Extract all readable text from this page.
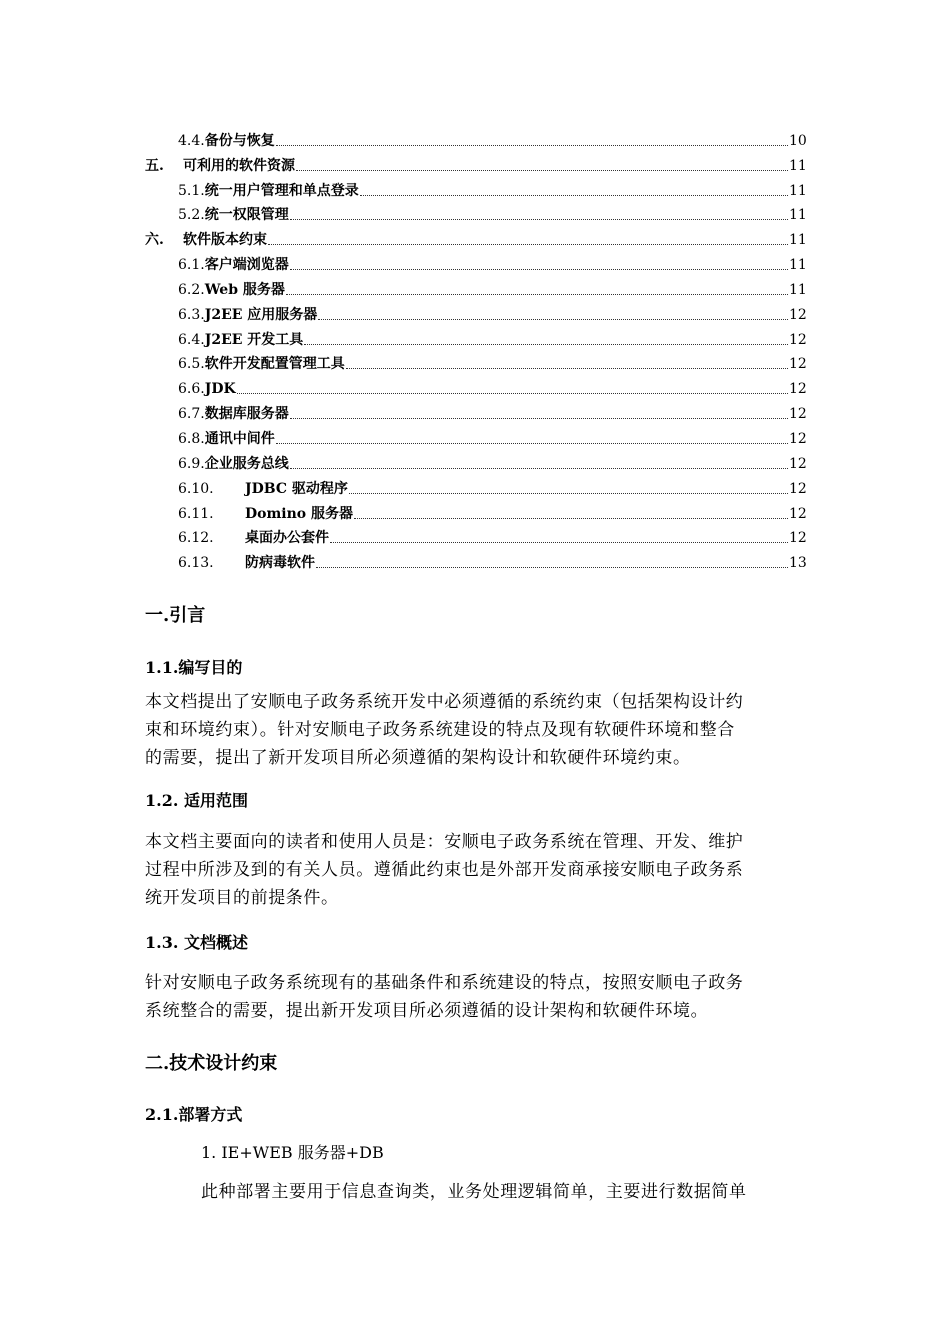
4.4. 备份与恢复	10
五.	可利用的软件资源	11
5.1. 统一用户管理和单点登录	11
5.2. 统一权限管理	11
六.	软件版本约束	11
6.1. 客户端浏览器	11
6.2. Web 服务器	11
6.3. J2EE 应用服务器	12
6.4. J2EE 开发工具	12
6.5. 软件开发配置管理工具	12
6.6. JDK	12
6.7. 数据库服务器	12
6.8. 通讯中间件	12
6.9. 企业服务总线	12
6.10.	JDBC 驱动程序	12
6.11.	Domino 服务器	12
6.12.	桌面办公套件	12
6.13.	防病毒软件	13
一.引言
1.1.编写目的
本文档提出了安顺电子政务系统开发中必须遵循的系统约束（包括架构设计约
束和环境约束）。针对安顺电子政务系统建设的特点及现有软硬件环境和整合
的需要，提出了新开发项目所必须遵循的架构设计和软硬件环境约束。
1.2. 适用范围
本文档主要面向的读者和使用人员是：安顺电子政务系统在管理、开发、维护
过程中所涉及到的有关人员。遵循此约束也是外部开发商承接安顺电子政务系
统开发项目的前提条件。
1.3. 文档概述
针对安顺电子政务系统现有的基础条件和系统建设的特点，按照安顺电子政务
系统整合的需要，提出新开发项目所必须遵循的设计架构和软硬件环境。
二.技术设计约束
2.1.部署方式
1. IE+WEB 服务器+DB
此种部署主要用于信息查询类，业务处理逻辑简单，主要进行数据简单
